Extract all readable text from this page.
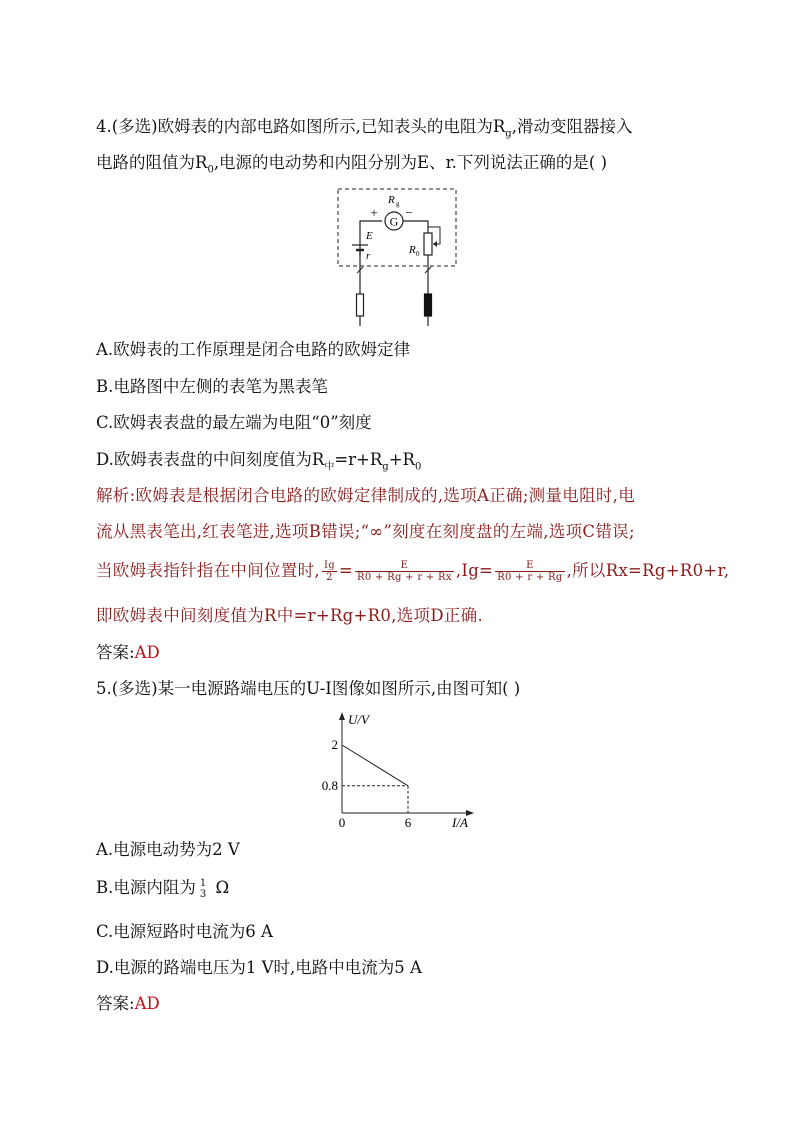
4.(多选)欧姆表的内部电路如图所示,已知表头的电阻为$R_g$,滑动变阻器接入
电路的阻值为$R_0$,电源的电动势和内阻分别为E、r.下列说法正确的是( )
G
+ −
R g
R 0
E
r
A.欧姆表的工作原理是闭合电路的欧姆定律
B.电路图中左侧的表笔为黑表笔
C.欧姆表表盘的最左端为电阻“0”刻度
D.欧姆表表盘的中间刻度值为$R_中=r+R_g+R_0$
解析:欧姆表是根据闭合电路的欧姆定律制成的,选项A正确;测量电阻时,电
流从黑表笔出,红表笔进,选项B错误;“∞”刻度在刻度盘的左端,选项C错误;
当欧姆表指针指在中间位置时, $\frac{Ig}{2} = \frac{E}{R0 + Rg + r + Rx} ,Ig= \frac{E}{R0 + r + Rg}$ ,所以Rx=Rg+R0+r,
即欧姆表中间刻度值为R中=r+Rg+R0,选项D正确.
答案:AD
5.(多选)某一电源路端电压的U-I图像如图所示,由图可知( )
U/V
I/A
2
0.8
0	6
A.电源电动势为2 V
B.电源内阻为 1
3 Ω
C.电源短路时电流为6 A
D.电源的路端电压为1 V时,电路中电流为5 A
答案:AD
